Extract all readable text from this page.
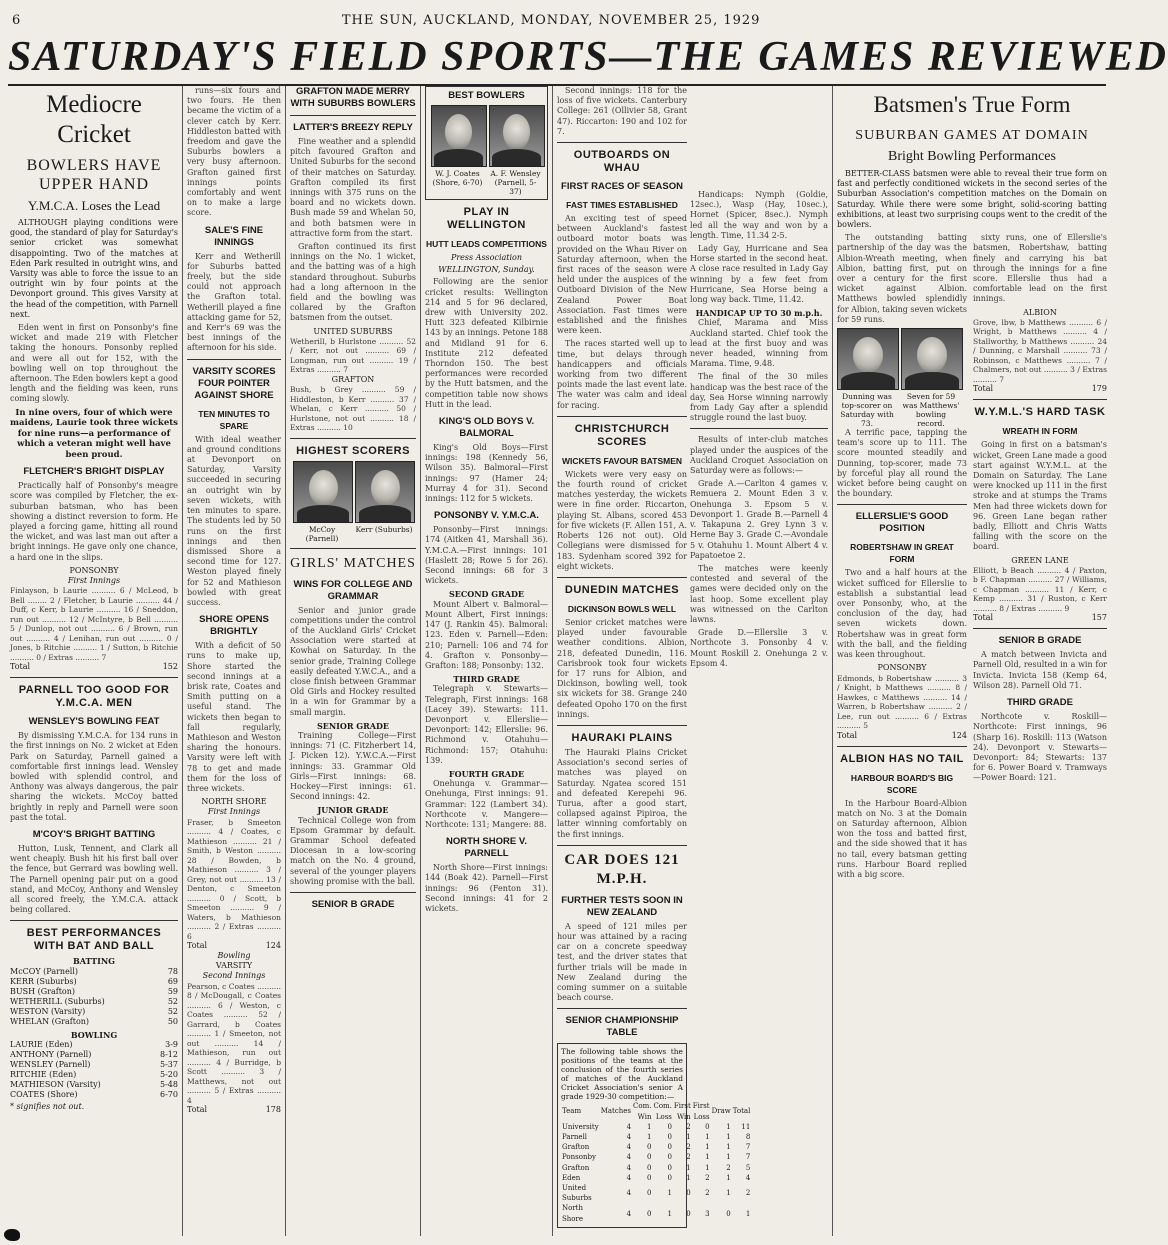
6	THE SUN, AUCKLAND, MONDAY, NOVEMBER 25, 1929
SATURDAY'S FIELD SPORTS—THE GAMES REVIEWED
Mediocre Cricket
BOWLERS HAVE UPPER HAND
Y.M.C.A. Loses the Lead

ALTHOUGH playing conditions were good, the standard of play for Saturday's senior cricket was somewhat disappointing. Two of the matches at Eden Park resulted in outright wins, and Varsity was able to force the issue to an outright win by four points at the Devonport ground. This gives Varsity at the head of the competition, with Parnell next.

Eden went in first on Ponsonby's fine wicket and made 219 with Fletcher taking the honours. Ponsonby replied and were all out for 152, with the bowling well on top throughout the afternoon. The Eden bowlers kept a good length and the fielding was keen, runs coming slowly.

In nine overs, four of which were maidens, Laurie took three wickets for nine runs—a performance of which a veteran might well have been proud.
FLETCHER'S BRIGHT DISPLAY

Practically half of Ponsonby's meagre score was compiled by Fletcher, the ex-suburban batsman, who has been showing a distinct reversion to form. He played a forcing game, hitting all round the wicket, and was last man out after a bright innings. He gave only one chance, a hard one in the slips.

PONSONBY
First Innings
Finlayson, b Laurie .......... 6 / McLeod, b Bell ........ 2 / Fletcher, b Laurie .......... 44 / Duff, c Kerr, b Laurie .......... 16 / Sneddon, run out .......... 12 / McIntyre, b Bell .......... 5 / Dunlop, not out .......... 6 / Brown, run out .......... 4 / Lenihan, run out .......... 0 / Jones, b Ritchie .......... 1 / Sutton, b Ritchie .......... 0 / Extras .......... 7
Total	152
PARNELL TOO GOOD FOR Y.M.C.A. MEN
WENSLEY'S BOWLING FEAT

By dismissing Y.M.C.A. for 134 runs in the first innings on No. 2 wicket at Eden Park on Saturday, Parnell gained a comfortable first innings lead. Wensley bowled with splendid control, and Anthony was always dangerous, the pair sharing the wickets. McCoy batted brightly in reply and Parnell were soon past the total.

M'COY'S BRIGHT BATTING

Hutton, Lusk, Tennent, and Clark all went cheaply. Bush hit his first ball over the fence, but Gerrard was bowling well. The Parnell opening pair put on a good stand, and McCoy, Anthony and Wensley all scored freely, the Y.M.C.A. attack being collared.

BEST PERFORMANCES WITH BAT AND BALL
BATTING
McCOY (Parnell)	78
KERR (Suburbs)	69
BUSH (Grafton)	59
WETHERILL (Suburbs)	52
WESTON (Varsity)	52
WHELAN (Grafton)	50
BOWLING
LAURIE (Eden)	3-9
ANTHONY (Parnell)	8-12
WENSLEY (Parnell)	5-37
RITCHIE (Eden)	5-20
MATHIESON (Varsity)	5-48
COATES (Shore)	6-70
* signifies not out.

runs—six fours and two fours. He then became the victim of a clever catch by Kerr. Hiddleston batted with freedom and gave the Suburbs bowlers a very busy afternoon. Grafton gained first innings points comfortably and went on to make a large score.

SALE'S FINE INNINGS

Kerr and Wetherill for Suburbs batted freely, but the side could not approach the Grafton total. Wetherill played a fine attacking game for 52, and Kerr's 69 was the best innings of the afternoon for his side.

VARSITY SCORES FOUR POINTER AGAINST SHORE
TEN MINUTES TO SPARE

With ideal weather and ground conditions at Devonport on Saturday, Varsity succeeded in securing an outright win by seven wickets, with ten minutes to spare. The students led by 50 runs on the first innings and then dismissed Shore a second time for 127. Weston played finely for 52 and Mathieson bowled with great success.

SHORE OPENS BRIGHTLY

With a deficit of 50 runs to make up, Shore started the second innings at a brisk rate, Coates and Smith putting on a useful stand. The wickets then began to fall regularly, Mathieson and Weston sharing the honours. Varsity were left with 78 to get and made them for the loss of three wickets.

NORTH SHORE
First Innings
Fraser, b Smeeton .......... 4 / Coates, c Mathieson .......... 21 / Smith, b Weston .......... 28 / Bowden, b Mathieson .......... 3 / Grey, not out .......... 13 / Denton, c Smeeton .......... 0 / Scott, b Smeeton .......... 9 / Waters, b Mathieson .......... 2 / Extras .......... 6
Total	124
Bowling
VARSITY
Second Innings
Pearson, c Coates .......... 8 / McDougall, c Coates .......... 6 / Weston, c Coates .......... 52 / Garrard, b Coates .......... 1 / Smeeton, not out .......... 14 / Mathieson, run out .......... 4 / Burridge, b Scott .......... 3 / Matthews, not out .......... 5 / Extras .......... 4
Total	178
GRAFTON MADE MERRY WITH SUBURBS BOWLERS
LATTER'S BREEZY REPLY

Fine weather and a splendid pitch favoured Grafton and United Suburbs for the second of their matches on Saturday. Grafton compiled its first innings with 375 runs on the board and no wickets down. Bush made 59 and Whelan 50, and both batsmen were in attractive form from the start.

Grafton continued its first innings on the No. 1 wicket, and the batting was of a high standard throughout. Suburbs had a long afternoon in the field and the bowling was collared by the Grafton batsmen from the outset.

UNITED SUBURBS
Wetherill, b Hurlstone .......... 52 / Kerr, not out .......... 69 / Longman, run out .......... 19 / Extras .......... 7
GRAFTON
Bush, b Grey .......... 59 / Hiddleston, b Kerr .......... 37 / Whelan, c Kerr .......... 50 / Hurlstone, not out .......... 18 / Extras .......... 10
HIGHEST SCORERS
McCoy (Parnell)
Kerr (Suburbs)
GIRLS' MATCHES
WINS FOR COLLEGE AND GRAMMAR

Senior and junior grade competitions under the control of the Auckland Girls' Cricket Association were started at Kowhai on Saturday. In the senior grade, Training College easily defeated Y.W.C.A., and a close finish between Grammar Old Girls and Hockey resulted in a win for Grammar by a small margin.

SENIOR GRADE

Training College—First innings: 71 (C. Fitzherbert 14, J. Picken 12). Y.W.C.A.—First innings: 33. Grammar Old Girls—First innings: 68. Hockey—First innings: 61. Second innings: 42.

JUNIOR GRADE

Technical College won from Epsom Grammar by default. Grammar School defeated Diocesan in a low-scoring match on the No. 4 ground, several of the younger players showing promise with the ball.

SENIOR B GRADE
BEST BOWLERS
W. J. Coates (Shore, 6-70)
A. F. Wensley (Parnell, 5-37)
PLAY IN WELLINGTON
HUTT LEADS COMPETITIONS
Press Association
WELLINGTON, Sunday.

Following are the senior cricket results: Wellington 214 and 5 for 96 declared, drew with University 202. Hutt 323 defeated Kilbirnie 143 by an innings. Petone 188 and Midland 91 for 6. Institute 212 defeated Thorndon 150. The best performances were recorded by the Hutt batsmen, and the competition table now shows Hutt in the lead.

KING'S OLD BOYS V. BALMORAL

King's Old Boys—First innings: 198 (Kennedy 56, Wilson 35). Balmoral—First innings: 97 (Hamer 24; Murray 4 for 31). Second innings: 112 for 5 wickets.

PONSONBY V. Y.M.C.A.

Ponsonby—First innings: 174 (Aitken 41, Marshall 36). Y.M.C.A.—First innings: 101 (Haslett 28; Rowe 5 for 26). Second innings: 68 for 3 wickets.

SECOND GRADE

Mount Albert v. Balmoral—Mount Albert, First innings: 147 (J. Rankin 45). Balmoral: 123. Eden v. Parnell—Eden: 210; Parnell: 106 and 74 for 4. Grafton v. Ponsonby—Grafton: 188; Ponsonby: 132.

THIRD GRADE

Telegraph v. Stewarts—Telegraph, First innings: 168 (Lacey 39). Stewarts: 111. Devonport v. Ellerslie—Devonport: 142; Ellerslie: 96. Richmond v. Otahuhu—Richmond: 157; Otahuhu: 139.

FOURTH GRADE

Onehunga v. Grammar—Onehunga, First innings: 91. Grammar: 122 (Lambert 34). Northcote v. Mangere—Northcote: 131; Mangere: 88.

NORTH SHORE V. PARNELL

North Shore—First innings: 144 (Boak 42). Parnell—First innings: 96 (Fenton 31). Second innings: 41 for 2 wickets.

Second innings: 118 for the loss of five wickets. Canterbury College: 261 (Ollivier 58, Grant 47). Riccarton: 190 and 102 for 7.

OUTBOARDS ON WHAU
FIRST RACES OF SEASON
FAST TIMES ESTABLISHED

An exciting test of speed between Auckland's fastest outboard motor boats was provided on the Whau River on Saturday afternoon, when the first races of the season were held under the auspices of the Outboard Division of the New Zealand Power Boat Association. Fast times were established and the finishes were keen.

The races started well up to time, but delays through handicappers and officials working from two different points made the last event late. The water was calm and ideal for racing.

CHRISTCHURCH SCORES
WICKETS FAVOUR BATSMEN

Wickets were very easy on the fourth round of cricket matches yesterday, the wickets were in fine order. Riccarton, playing St. Albans, scored 453 for five wickets (F. Allen 151, A. Roberts 126 not out). Old Collegians were dismissed for 183. Sydenham scored 392 for eight wickets.

DUNEDIN MATCHES
DICKINSON BOWLS WELL

Senior cricket matches were played under favourable weather conditions. Albion, 218, defeated Dunedin, 116. Carisbrook took four wickets for 17 runs for Albion, and Dickinson, bowling well, took six wickets for 38. Grange 240 defeated Opoho 170 on the first innings.

HAURAKI PLAINS

The Hauraki Plains Cricket Association's second series of matches was played on Saturday. Ngatea scored 151 and defeated Kerepehi 96. Turua, after a good start, collapsed against Pipiroa, the latter winning comfortably on the first innings.

CAR DOES 121 M.P.H.
FURTHER TESTS SOON IN NEW ZEALAND

A speed of 121 miles per hour was attained by a racing car on a concrete speedway test, and the driver states that further trials will be made in New Zealand during the coming summer on a suitable beach course.

SENIOR CHAMPIONSHIP TABLE
The following table shows the positions of the teams at the conclusion of the fourth series of matches of the Auckland Cricket Association's senior A grade 1929-30 competition:—
Team	Matches	Com. Win	Com. Loss	First Win	First Loss	Draw	Total
University	4	1	0	2	0	1	11
Parnell	4	1	0	1	1	1	8
Grafton	4	0	0	2	1	1	7
Ponsonby	4	0	0	2	1	1	7
Grafton	4	0	0	1	1	2	5
Eden	4	0	0	1	2	1	4
United Suburbs	4	0	1	0	2	1	2
North Shore	4	0	1	0	3	0	1

Handicaps: Nymph (Goldie, 12sec.), Wasp (Hay, 10sec.), Hornet (Spicer, 8sec.). Nymph led all the way and won by a length. Time, 11.34 2-5.

Lady Gay, Hurricane and Sea Horse started in the second heat. A close race resulted in Lady Gay winning by a few feet from Hurricane, Sea Horse being a long way back. Time, 11.42.

HANDICAP UP TO 30 m.p.h.

Chief, Marama and Miss Auckland started. Chief took the lead at the first buoy and was never headed, winning from Marama. Time, 9.48.

The final of the 30 miles handicap was the best race of the day, Sea Horse winning narrowly from Lady Gay after a splendid struggle round the last buoy.

Results of inter-club matches played under the auspices of the Auckland Croquet Association on Saturday were as follows:—

Grade A.—Carlton 4 games v. Remuera 2. Mount Eden 3 v. Onehunga 3. Epsom 5 v. Devonport 1. Grade B.—Parnell 4 v. Takapuna 2. Grey Lynn 3 v. Herne Bay 3. Grade C.—Avondale 5 v. Otahuhu 1. Mount Albert 4 v. Papatoetoe 2.

The matches were keenly contested and several of the games were decided only on the last hoop. Some excellent play was witnessed on the Carlton lawns.

Grade D.—Ellerslie 3 v. Northcote 3. Ponsonby 4 v. Mount Roskill 2. Onehunga 2 v. Epsom 4.

Batsmen's True Form
SUBURBAN GAMES AT DOMAIN
Bright Bowling Performances

BETTER-CLASS batsmen were able to reveal their true form on fast and perfectly conditioned wickets in the second series of the Suburban Association's competition matches on the Domain on Saturday. While there were some bright, solid-scoring batting exhibitions, at least two surprising coups went to the credit of the bowlers.

The outstanding batting partnership of the day was the Albion-Wreath meeting, when Albion, batting first, put on over a century for the first wicket against Albion. Matthews bowled splendidly for Albion, taking seven wickets for 59 runs.

Dunning was top-scorer on Saturday with 73.
Seven for 59 was Matthews' bowling record.

A terrific pace, tapping the team's score up to 111. The score mounted steadily and Dunning, top-scorer, made 73 by forceful play all round the wicket before being caught on the boundary.

ELLERSLIE'S GOOD POSITION
ROBERTSHAW IN GREAT FORM

Two and a half hours at the wicket sufficed for Ellerslie to establish a substantial lead over Ponsonby, who, at the conclusion of the day, had seven wickets down. Robertshaw was in great form with the ball, and the fielding was keen throughout.

PONSONBY
Edmonds, b Robertshaw .......... 3 / Knight, b Matthews .......... 8 / Hawkes, c Matthews .......... 14 / Warren, b Robertshaw .......... 2 / Lee, run out .......... 6 / Extras .......... 5
Total	124
ALBION HAS NO TAIL
HARBOUR BOARD'S BIG SCORE

In the Harbour Board-Albion match on No. 3 at the Domain on Saturday afternoon, Albion won the toss and batted first, and the side showed that it has no tail, every batsman getting runs. Harbour Board replied with a big score.

sixty runs, one of Ellerslie's batsmen, Robertshaw, batting finely and carrying his bat through the innings for a fine score. Ellerslie thus had a comfortable lead on the first innings.

ALBION
Grove, lbw, b Matthews .......... 6 / Wright, b Matthews .......... 4 / Stallworthy, b Matthews .......... 24 / Dunning, c Marshall .......... 73 / Robinson, c Matthews .......... 7 / Chalmers, not out .......... 3 / Extras .......... 7
Total	179
W.Y.M.L.'S HARD TASK
WREATH IN FORM

Going in first on a batsman's wicket, Green Lane made a good start against W.Y.M.L. at the Domain on Saturday. The Lane were knocked up 111 in the first stroke and at stumps the Trams Men had three wickets down for 96. Green Lane began rather badly, Elliott and Chris Watts falling with the score on the board.

GREEN LANE
Elliott, b Beach .......... 4 / Paxton, b F. Chapman .......... 27 / Williams, c Chapman .......... 11 / Kerr, c Kemp .......... 31 / Ruston, c Kerr .......... 8 / Extras .......... 9
Total	157
SENIOR B GRADE

A match between Invicta and Parnell Old, resulted in a win for Invicta. Invicta 158 (Kemp 64, Wilson 28). Parnell Old 71.

THIRD GRADE

Northcote v. Roskill—Northcote: First innings, 96 (Sharp 16). Roskill: 113 (Watson 24). Devonport v. Stewarts—Devonport: 84; Stewarts: 137 for 6. Power Board v. Tramways—Power Board: 121.
